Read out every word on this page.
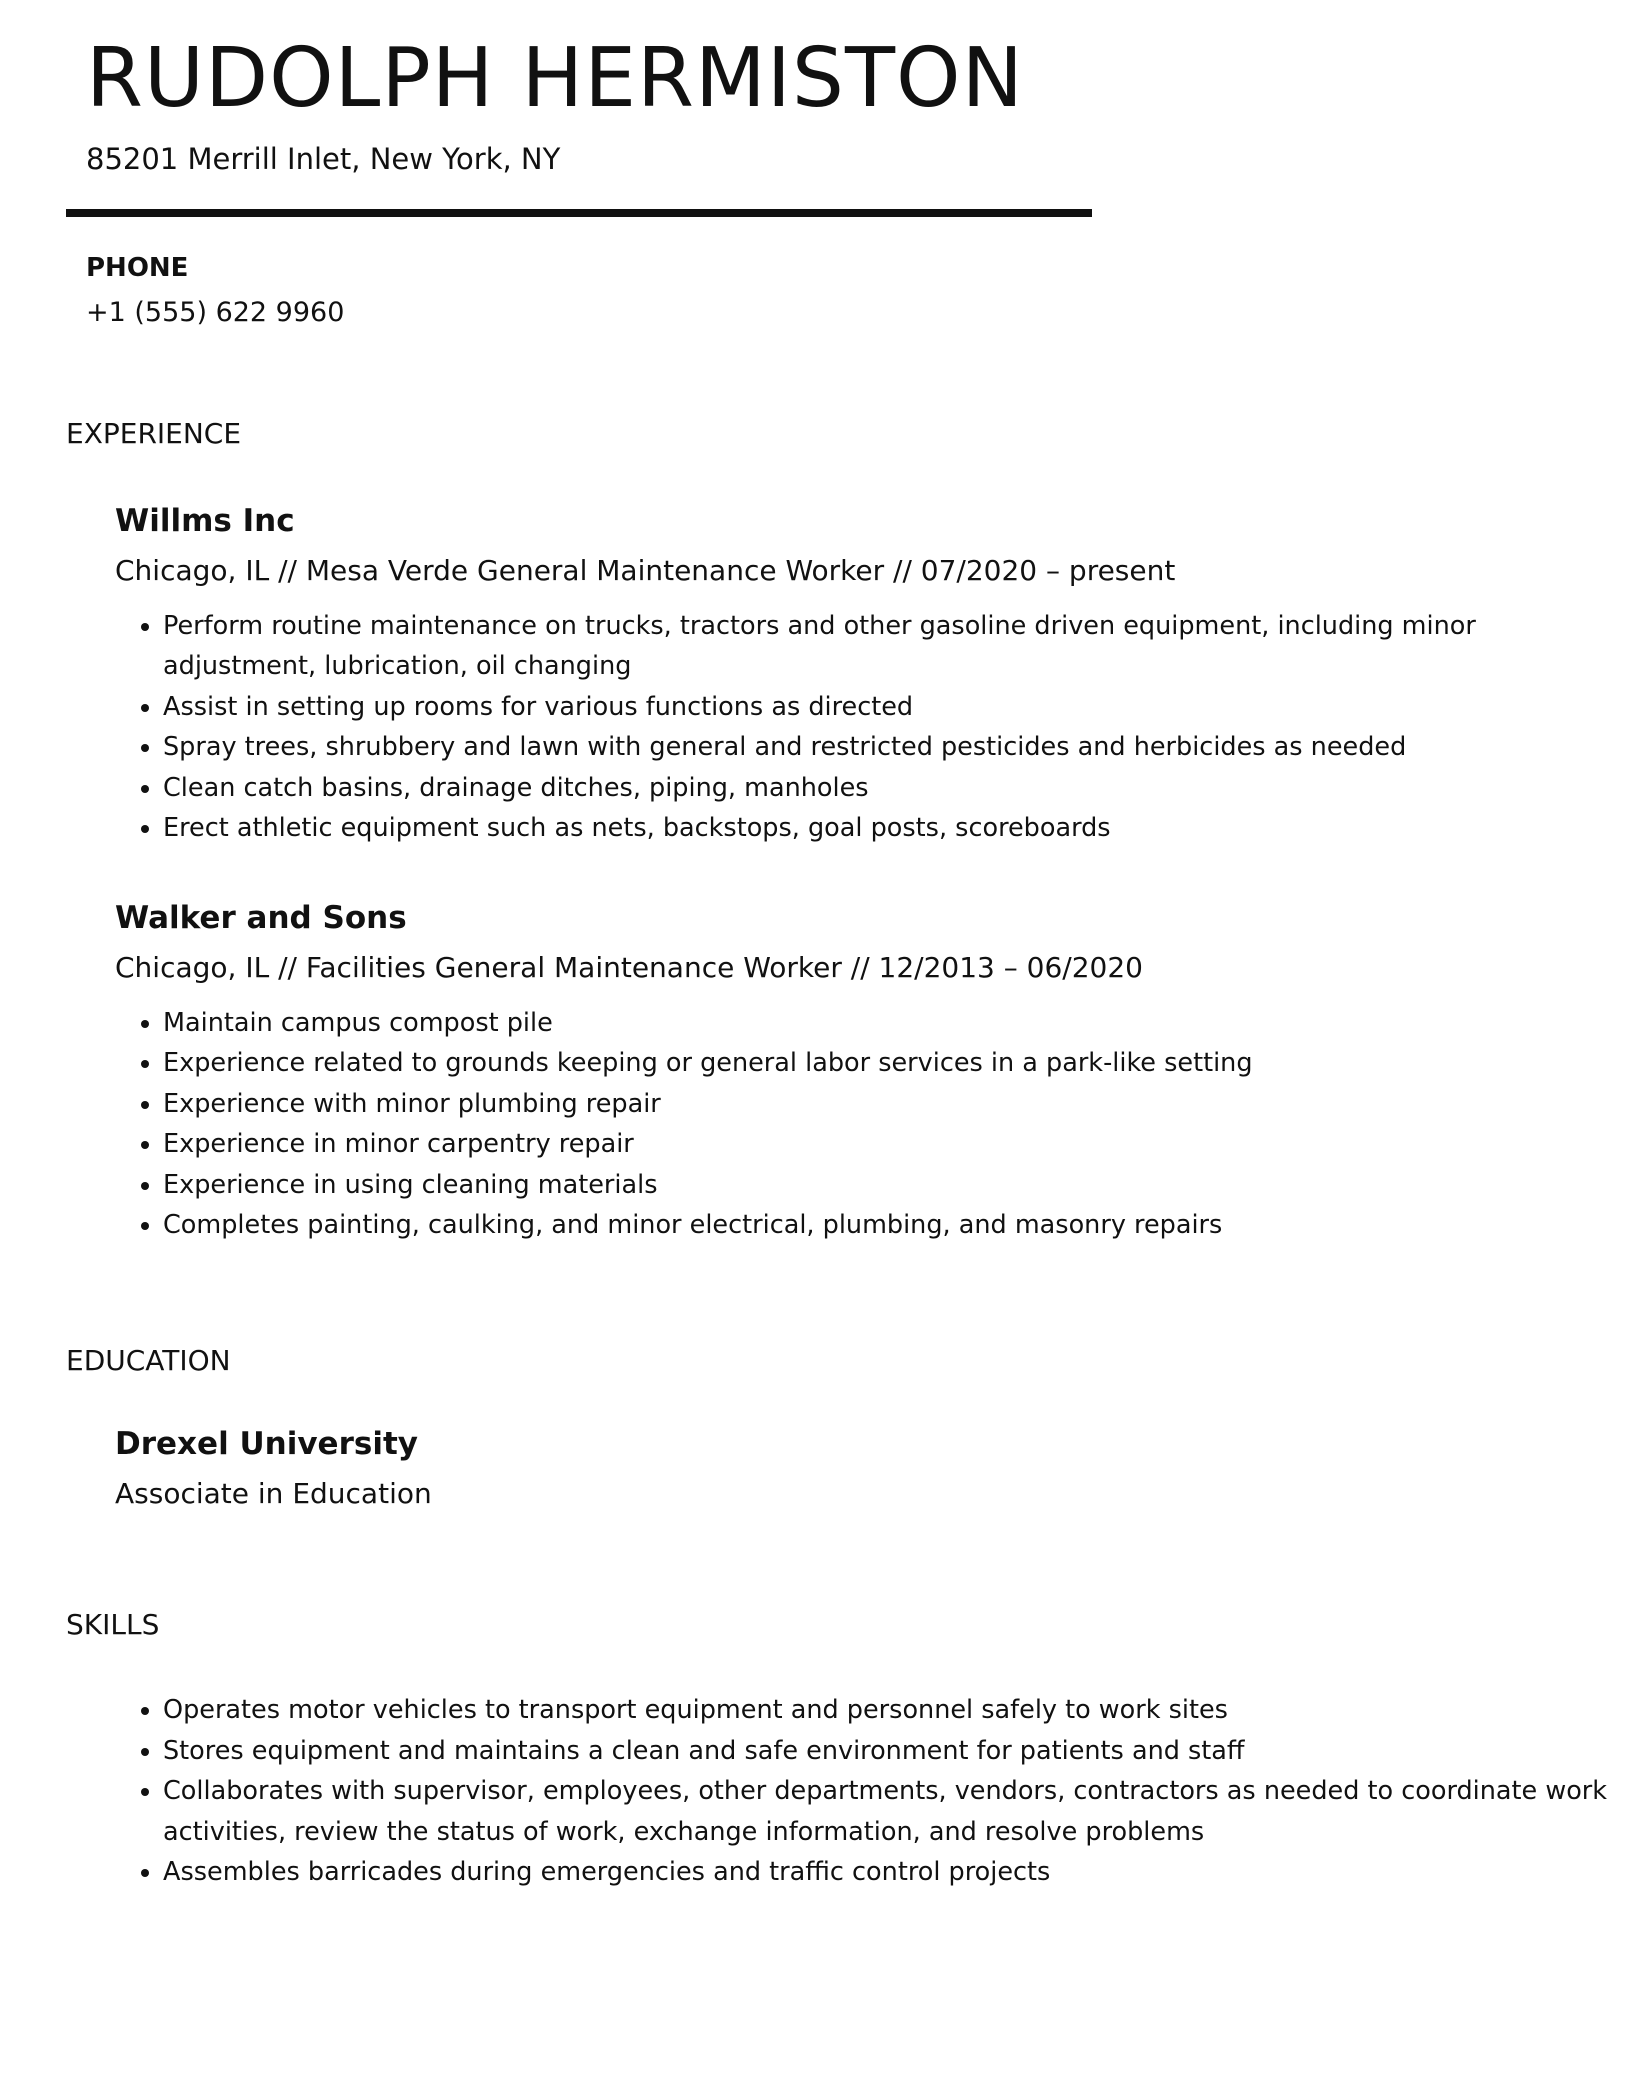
RUDOLPH HERMISTON
85201 Merrill Inlet, New York, NY
PHONE
+1 (555) 622 9960
EXPERIENCE
Willms Inc
Chicago, IL // Mesa Verde General Maintenance Worker // 07/2020 – present
• Perform routine maintenance on trucks, tractors and other gasoline driven equipment, including minor adjustment, lubrication, oil changing
• Assist in setting up rooms for various functions as directed
• Spray trees, shrubbery and lawn with general and restricted pesticides and herbicides as needed
• Clean catch basins, drainage ditches, piping, manholes
• Erect athletic equipment such as nets, backstops, goal posts, scoreboards
Walker and Sons
Chicago, IL // Facilities General Maintenance Worker // 12/2013 – 06/2020
• Maintain campus compost pile
• Experience related to grounds keeping or general labor services in a park-like setting
• Experience with minor plumbing repair
• Experience in minor carpentry repair
• Experience in using cleaning materials
• Completes painting, caulking, and minor electrical, plumbing, and masonry repairs
EDUCATION
Drexel University
Associate in Education
SKILLS
• Operates motor vehicles to transport equipment and personnel safely to work sites
• Stores equipment and maintains a clean and safe environment for patients and staff
• Collaborates with supervisor, employees, other departments, vendors, contractors as needed to coordinate work activities, review the status of work, exchange information, and resolve problems
• Assembles barricades during emergencies and traffic control projects
